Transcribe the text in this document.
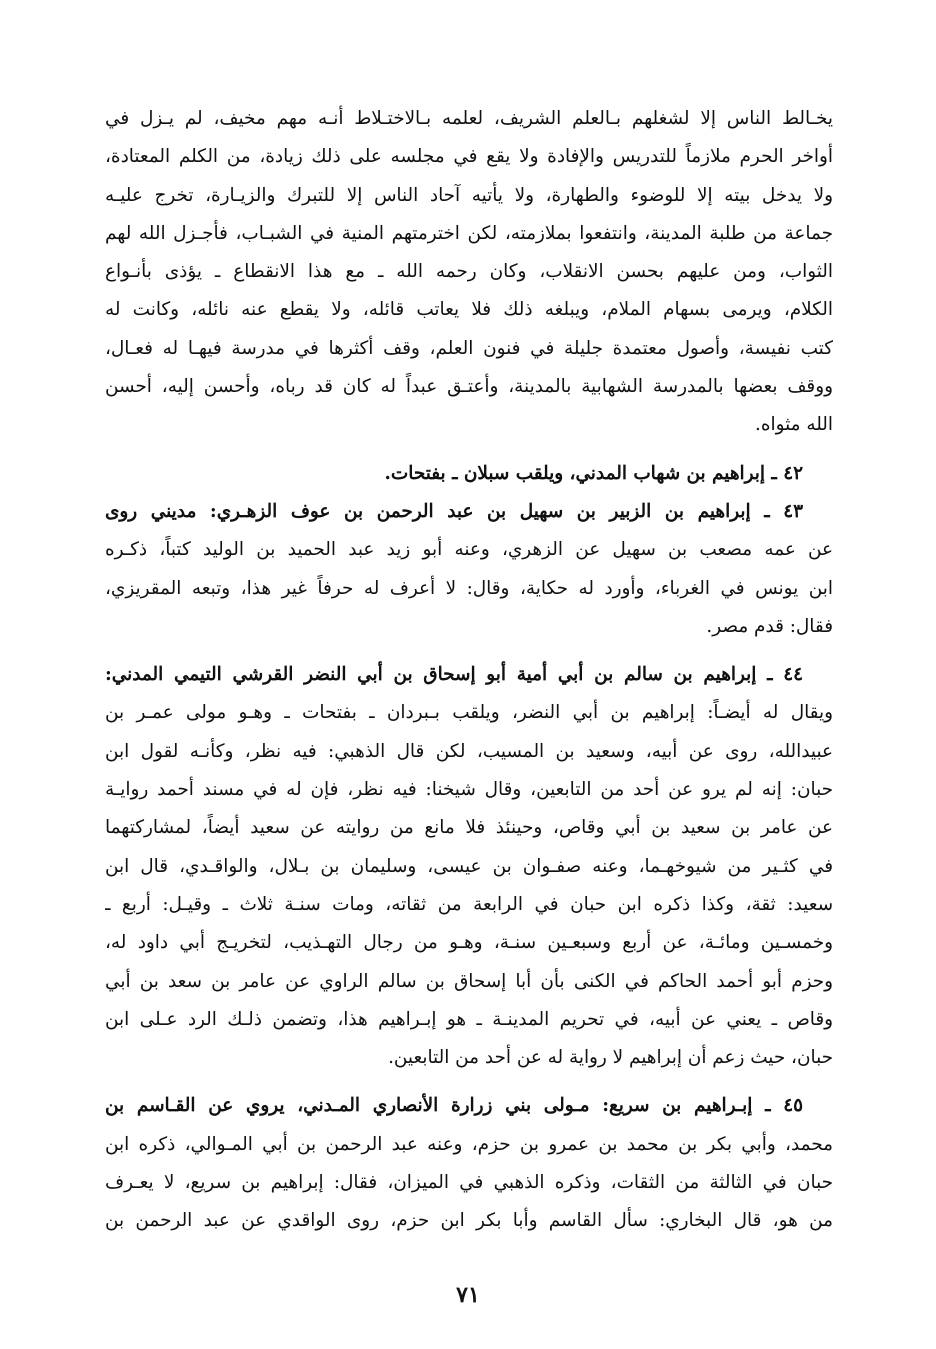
يخـالط الناس إلا لشغلهم بـالعلم الشريف، لعلمه بـالاختـلاط أنـه مهم مخيف، لم يـزل في
أواخر الحرم ملازماً للتدريس والإفادة ولا يقع في مجلسه على ذلك زيادة، من الكلم المعتادة،
ولا يدخل بيته إلا للوضوء والطهارة، ولا يأتيه آحاد الناس إلا للتبرك والزيـارة، تخرج عليـه
جماعة من طلبة المدينة، وانتفعوا بملازمته، لكن اخترمتهم المنية في الشبـاب، فأجـزل الله لهم
الثواب، ومن عليهم بحسن الانقلاب، وكان رحمه الله ـ مع هذا الانقطاع ـ يؤذى بأنـواع
الكلام، ويرمى بسهام الملام، ويبلغه ذلك فلا يعاتب قائله، ولا يقطع عنه نائله، وكانت له
كتب نفيسة، وأصول معتمدة جليلة في فنون العلم، وقف أكثرها في مدرسة فيهـا له فعـال،
ووقف بعضها بالمدرسة الشهابية بالمدينة، وأعتـق عبداً له كان قد رباه، وأحسن إليه، أحسن
الله مثواه.
٤٢ ـ إبراهيم بن شهاب المدني، ويلقب سبلان ـ بفتحات.
٤٣ ـ إبراهيم بن الزبير بن سهيل بن عبد الرحمن بن عوف الزهـري: مديني روى
عن عمه مصعب بن سهيل عن الزهري، وعنه أبو زيد عبد الحميد بن الوليد كتباً، ذكـره
ابن يونس في الغرباء، وأورد له حكاية، وقال: لا أعرف له حرفاً غير هذا، وتبعه المقريزي،
فقال: قدم مصر.
٤٤ ـ إبراهيم بن سالم بن أبي أمية أبو إسحاق بن أبي النضر القرشي التيمي المدني:
ويقال له أيضـاً: إبراهيم بن أبي النضر، ويلقب بـبردان ـ بفتحات ـ وهـو مولى عمـر بن
عبيدالله، روى عن أبيه، وسعيد بن المسيب، لكن قال الذهبي: فيه نظر، وكأنـه لقول ابن
حبان: إنه لم يرو عن أحد من التابعين، وقال شيخنا: فيه نظر، فإن له في مسند أحمد روايـة
عن عامر بن سعيد بن أبي وقاص، وحينئذ فلا مانع من روايته عن سعيد أيضاً، لمشاركتهما
في كثـير من شيوخهـما، وعنه صفـوان بن عيسى، وسليمان بن بـلال، والواقـدي، قال ابن
سعيد: ثقة، وكذا ذكره ابن حبان في الرابعة من ثقاته، ومات سنـة ثلاث ـ وقيـل: أربع ـ
وخمسـين ومائـة، عن أربع وسبعـين سنـة، وهـو من رجال التهـذيب، لتخريـج أبي داود له،
وحزم أبو أحمد الحاكم في الكنى بأن أبا إسحاق بن سالم الراوي عن عامر بن سعد بن أبي
وقاص ـ يعني عن أبيه، في تحريم المدينـة ـ هو إبـراهيم هذا، وتضمن ذلـك الرد عـلى ابن
حبان، حيث زعم أن إبراهيم لا رواية له عن أحد من التابعين.
٤٥ ـ إبـراهيم بن سريع: مـولى بني زرارة الأنصاري المـدني، يروي عن القـاسم بن
محمد، وأبي بكر بن محمد بن عمرو بن حزم، وعنه عبد الرحمن بن أبي المـوالي، ذكره ابن
حبان في الثالثة من الثقات، وذكره الذهبي في الميزان، فقال: إبراهيم بن سريع، لا يعـرف
من هو، قال البخاري: سأل القاسم وأبا بكر ابن حزم، روى الواقدي عن عبد الرحمن بن
٧١
